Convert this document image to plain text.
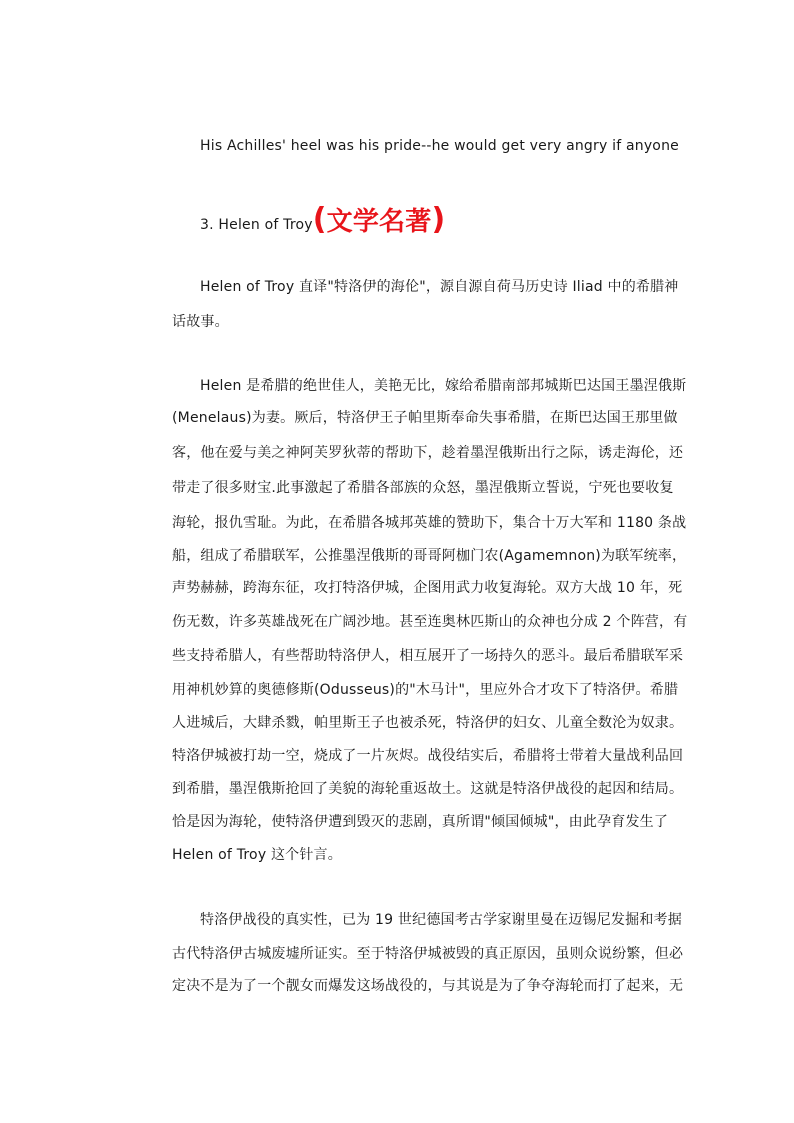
His Achilles' heel was his pride--he would get very angry if anyone
3. Helen of Troy(文学名著)
Helen of Troy 直译"特洛伊的海伦"，源自源自荷马历史诗 Iliad 中的希腊神
话故事。
Helen 是希腊的绝世佳人，美艳无比，嫁给希腊南部邦城斯巴达国王墨涅俄斯
(Menelaus)为妻。厥后，特洛伊王子帕里斯奉命失事希腊，在斯巴达国王那里做
客，他在爱与美之神阿芙罗狄蒂的帮助下，趁着墨涅俄斯出行之际，诱走海伦，还
带走了很多财宝.此事激起了希腊各部族的众怒，墨涅俄斯立誓说，宁死也要收复
海轮，报仇雪耻。为此，在希腊各城邦英雄的赞助下，集合十万大军和 1180 条战
船，组成了希腊联军，公推墨涅俄斯的哥哥阿枷门农(Agamemnon)为联军统率，
声势赫赫，跨海东征，攻打特洛伊城，企图用武力收复海轮。双方大战 10 年，死
伤无数，许多英雄战死在广阔沙地。甚至连奥林匹斯山的众神也分成 2 个阵营，有
些支持希腊人，有些帮助特洛伊人，相互展开了一场持久的恶斗。最后希腊联军采
用神机妙算的奥德修斯(Odusseus)的"木马计"，里应外合才攻下了特洛伊。希腊
人进城后，大肆杀戮，帕里斯王子也被杀死，特洛伊的妇女、儿童全数沦为奴隶。
特洛伊城被打劫一空，烧成了一片灰烬。战役结实后，希腊将士带着大量战利品回
到希腊，墨涅俄斯抢回了美貌的海轮重返故土。这就是特洛伊战役的起因和结局。
恰是因为海轮，使特洛伊遭到毁灭的悲剧，真所谓"倾国倾城"，由此孕育发生了
Helen of Troy 这个针言。
特洛伊战役的真实性，已为 19 世纪德国考古学家谢里曼在迈锡尼发掘和考据
古代特洛伊古城废墟所证实。至于特洛伊城被毁的真正原因，虽则众说纷繁，但必
定决不是为了一个靓女而爆发这场战役的，与其说是为了争夺海轮而打了起来，无
